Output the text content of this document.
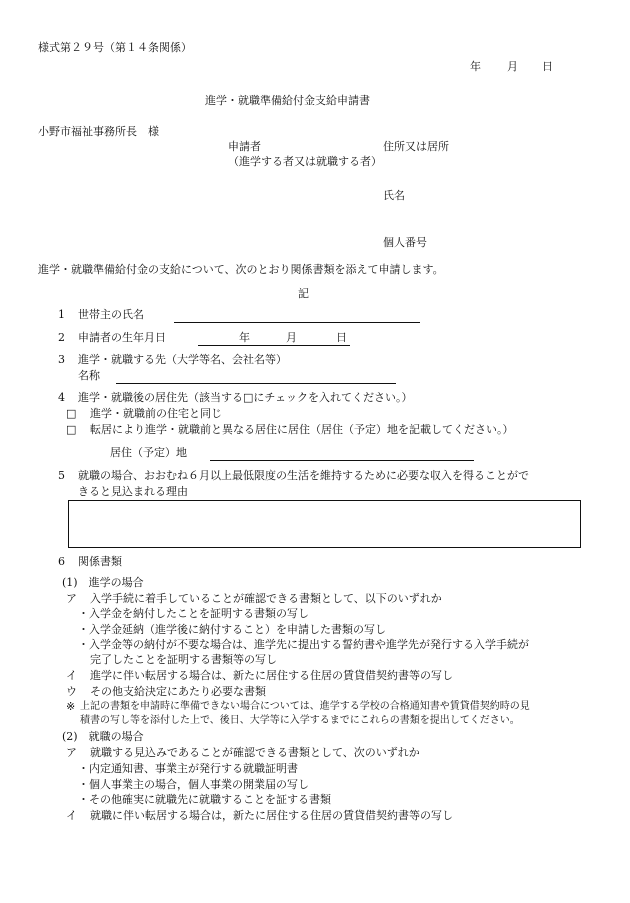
様式第２９号（第１４条関係）
年 月 日
進学・就職準備給付金支給申請書
小野市福祉事務所長　様
申請者	住所又は居所
（進学する者又は就職する者）
氏名
個人番号
進学・就職準備給付金の支給について、次のとおり関係書類を添えて申請します。
記
1 世帯主の氏名
2 申請者の生年月日	年	月	日
3 進学・就職する先（大学等名、会社名等）
名称
4 進学・就職後の居住先（該当する□にチェックを入れてください。）
□ 進学・就職前の住宅と同じ
□ 転居により進学・就職前と異なる居住に居住（居住（予定）地を記載してください。）
居住（予定）地
5 就職の場合、おおむね６月以上最低限度の生活を維持するために必要な収入を得ることがで
きると見込まれる理由
6 関係書類
(1)　進学の場合
ア 入学手続に着手していることが確認できる書類として、以下のいずれか
・入学金を納付したことを証明する書類の写し
・入学金延納（進学後に納付すること）を申請した書類の写し
・入学金等の納付が不要な場合は、進学先に提出する誓約書や進学先が発行する入学手続が
完了したことを証明する書類等の写し
イ 進学に伴い転居する場合は、新たに居住する住居の賃貸借契約書等の写し
ウ その他支給決定にあたり必要な書類
※ 上記の書類を申請時に準備できない場合については、進学する学校の合格通知書や賃貸借契約時の見
積書の写し等を添付した上で、後日、大学等に入学するまでにこれらの書類を提出してください。
(2)　就職の場合
ア 就職する見込みであることが確認できる書類として、次のいずれか
・内定通知書、事業主が発行する就職証明書
・個人事業主の場合，個人事業の開業届の写し
・その他確実に就職先に就職することを証する書類
イ 就職に伴い転居する場合は，新たに居住する住居の賃貸借契約書等の写し
